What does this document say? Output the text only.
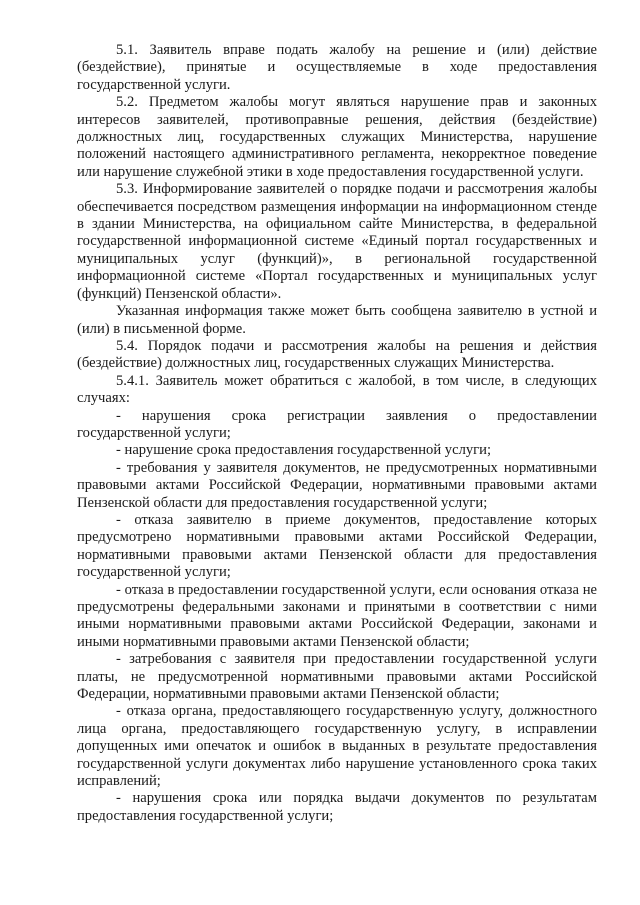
5.1. Заявитель вправе подать жалобу на решение и (или) действие (бездействие), принятые и осуществляемые в ходе предоставления государственной услуги.

5.2. Предметом жалобы могут являться нарушение прав и законных интересов заявителей, противоправные решения, действия (бездействие) должностных лиц, государственных служащих Министерства, нарушение положений настоящего административного регламента, некорректное поведение или нарушение служебной этики в ходе предоставления государственной услуги.

5.3. Информирование заявителей о порядке подачи и рассмотрения жалобы обеспечивается посредством размещения информации на информационном стенде в здании Министерства, на официальном сайте Министерства, в федеральной государственной информационной системе «Единый портал государственных и муниципальных услуг (функций)», в региональной государственной информационной системе «Портал государственных и муниципальных услуг (функций) Пензенской области».

Указанная информация также может быть сообщена заявителю в устной и (или) в письменной форме.

5.4. Порядок подачи и рассмотрения жалобы на решения и действия (бездействие) должностных лиц, государственных служащих Министерства.

5.4.1. Заявитель может обратиться с жалобой, в том числе, в следующих случаях:

- нарушения срока регистрации заявления о предоставлении государственной услуги;

- нарушение срока предоставления государственной услуги;

- требования у заявителя документов, не предусмотренных нормативными правовыми актами Российской Федерации, нормативными правовыми актами Пензенской области для предоставления государственной услуги;

- отказа заявителю в приеме документов, предоставление которых предусмотрено нормативными правовыми актами Российской Федерации, нормативными правовыми актами Пензенской области для предоставления государственной услуги;

- отказа в предоставлении государственной услуги, если основания отказа не предусмотрены федеральными законами и принятыми в соответствии с ними иными нормативными правовыми актами Российской Федерации, законами и иными нормативными правовыми актами Пензенской области;

- затребования с заявителя при предоставлении государственной услуги платы, не предусмотренной нормативными правовыми актами Российской Федерации, нормативными правовыми актами Пензенской области;

- отказа органа, предоставляющего государственную услугу, должностного лица органа, предоставляющего государственную услугу, в исправлении допущенных ими опечаток и ошибок в выданных в результате предоставления государственной услуги документах либо нарушение установленного срока таких исправлений;

- нарушения срока или порядка выдачи документов по результатам предоставления государственной услуги;
